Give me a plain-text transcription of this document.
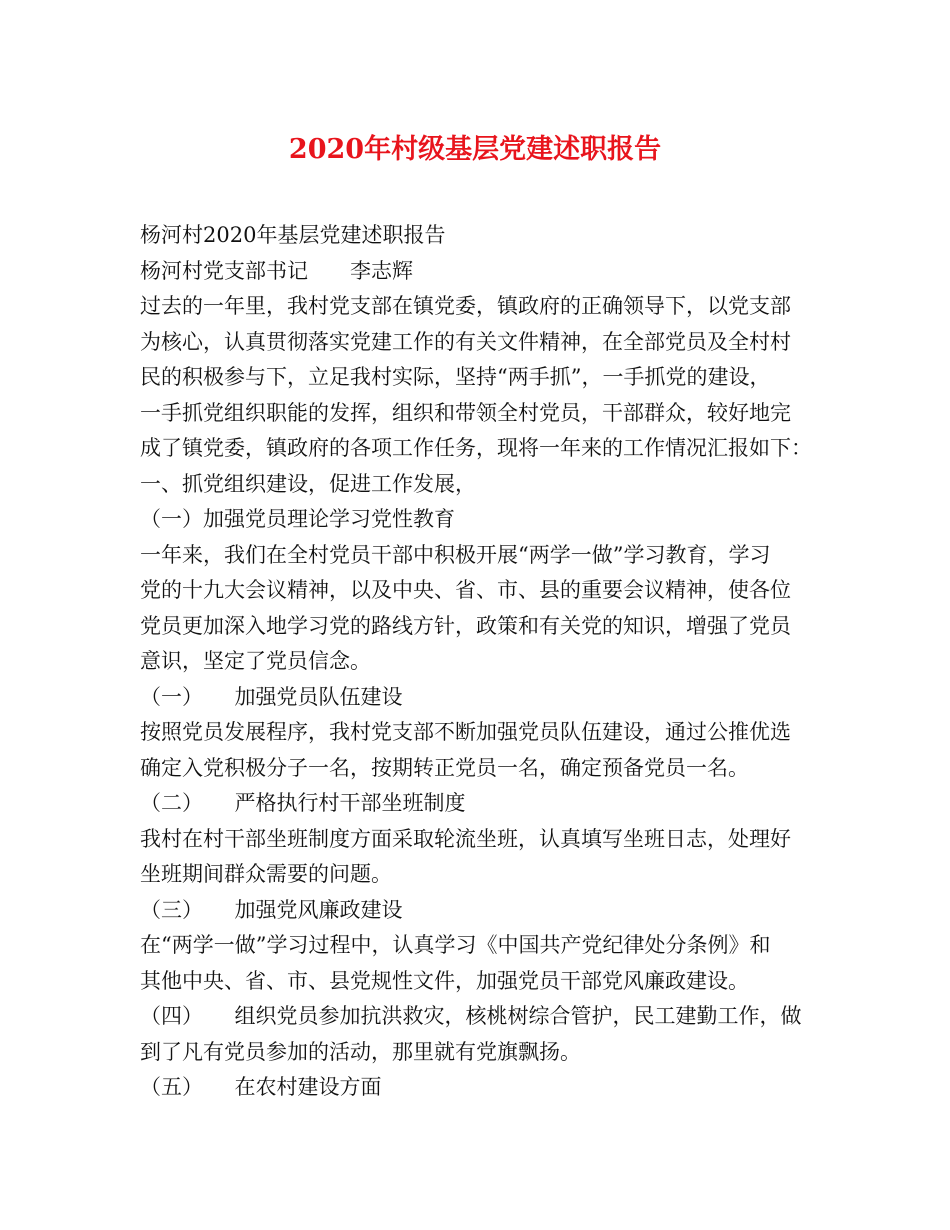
2020年村级基层党建述职报告
杨河村2020年基层党建述职报告
杨河村党支部书记　　李志辉
过去的一年里，我村党支部在镇党委，镇政府的正确领导下，以党支部
为核心，认真贯彻落实党建工作的有关文件精神，在全部党员及全村村
民的积极参与下，立足我村实际，坚持“两手抓”，一手抓党的建设，
一手抓党组织职能的发挥，组织和带领全村党员，干部群众，较好地完
成了镇党委，镇政府的各项工作任务，现将一年来的工作情况汇报如下：
一、抓党组织建设，促进工作发展，
（一）加强党员理论学习党性教育
一年来，我们在全村党员干部中积极开展“两学一做”学习教育，学习
党的十九大会议精神，以及中央、省、市、县的重要会议精神，使各位
党员更加深入地学习党的路线方针，政策和有关党的知识，增强了党员
意识，坚定了党员信念。
（一）　　加强党员队伍建设
按照党员发展程序，我村党支部不断加强党员队伍建设，通过公推优选
确定入党积极分子一名，按期转正党员一名，确定预备党员一名。
（二）　　严格执行村干部坐班制度
我村在村干部坐班制度方面采取轮流坐班，认真填写坐班日志，处理好
坐班期间群众需要的问题。
（三）　　加强党风廉政建设
在“两学一做”学习过程中，认真学习《中国共产党纪律处分条例》和
其他中央、省、市、县党规性文件，加强党员干部党风廉政建设。
（四）　　组织党员参加抗洪救灾，核桃树综合管护，民工建勤工作，做
到了凡有党员参加的活动，那里就有党旗飘扬。
（五）　　在农村建设方面
